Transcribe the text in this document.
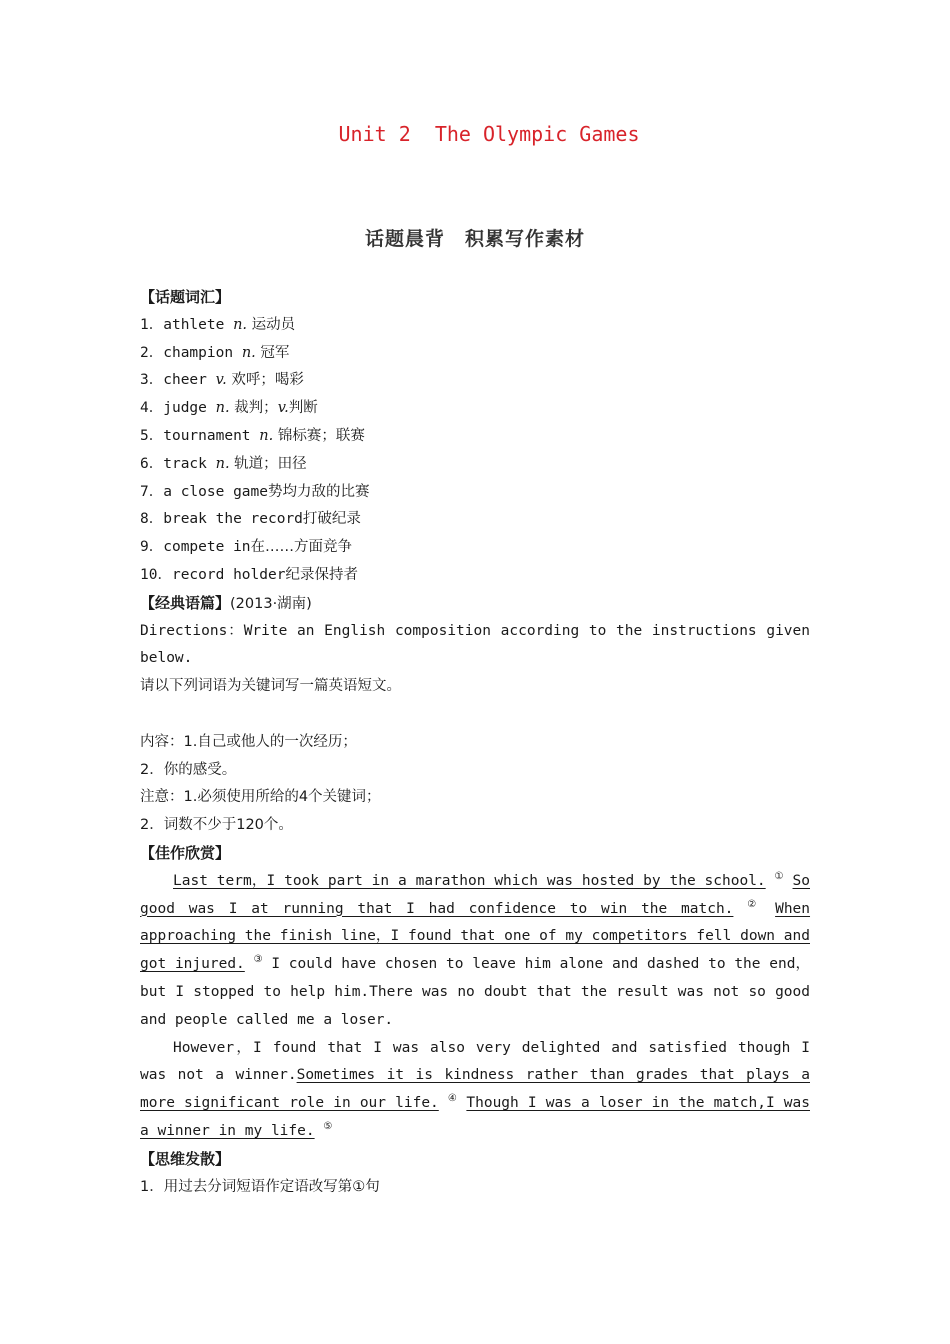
Unit 2  The Olympic Games
话题晨背　积累写作素材
【话题词汇】
1．athlete n. 运动员
2．champion n. 冠军
3．cheer v. 欢呼；喝彩
4．judge n. 裁判；v.判断
5．tournament n. 锦标赛；联赛
6．track n. 轨道；田径
7．a close game势均力敌的比赛
8．break the record打破纪录
9．compete in在……方面竞争
10．record holder纪录保持者
【经典语篇】(2013·湖南)

Directions：Write an English composition according to the instructions given below.

请以下列词语为关键词写一篇英语短文。
内容：1.自己或他人的一次经历；
2．你的感受。
注意：1.必须使用所给的4个关键词；
2．词数不少于120个。
【佳作欣赏】

Last term，I took part in a marathon which was hosted by the school. ① So good was I at running that I had confidence to win the match. ② When approaching the finish line，I found that one of my competitors fell down and got injured. ③ I could have chosen to leave him alone and dashed to the end，but I stopped to help him.There was no doubt that the result was not so good and people called me a loser.

However，I found that I was also very delighted and satisfied though I was not a winner.Sometimes it is kindness rather than grades that plays a more significant role in our life. ④ Though I was a loser in the match,I was a winner in my life. ⑤

【思维发散】
1．用过去分词短语作定语改写第①句
